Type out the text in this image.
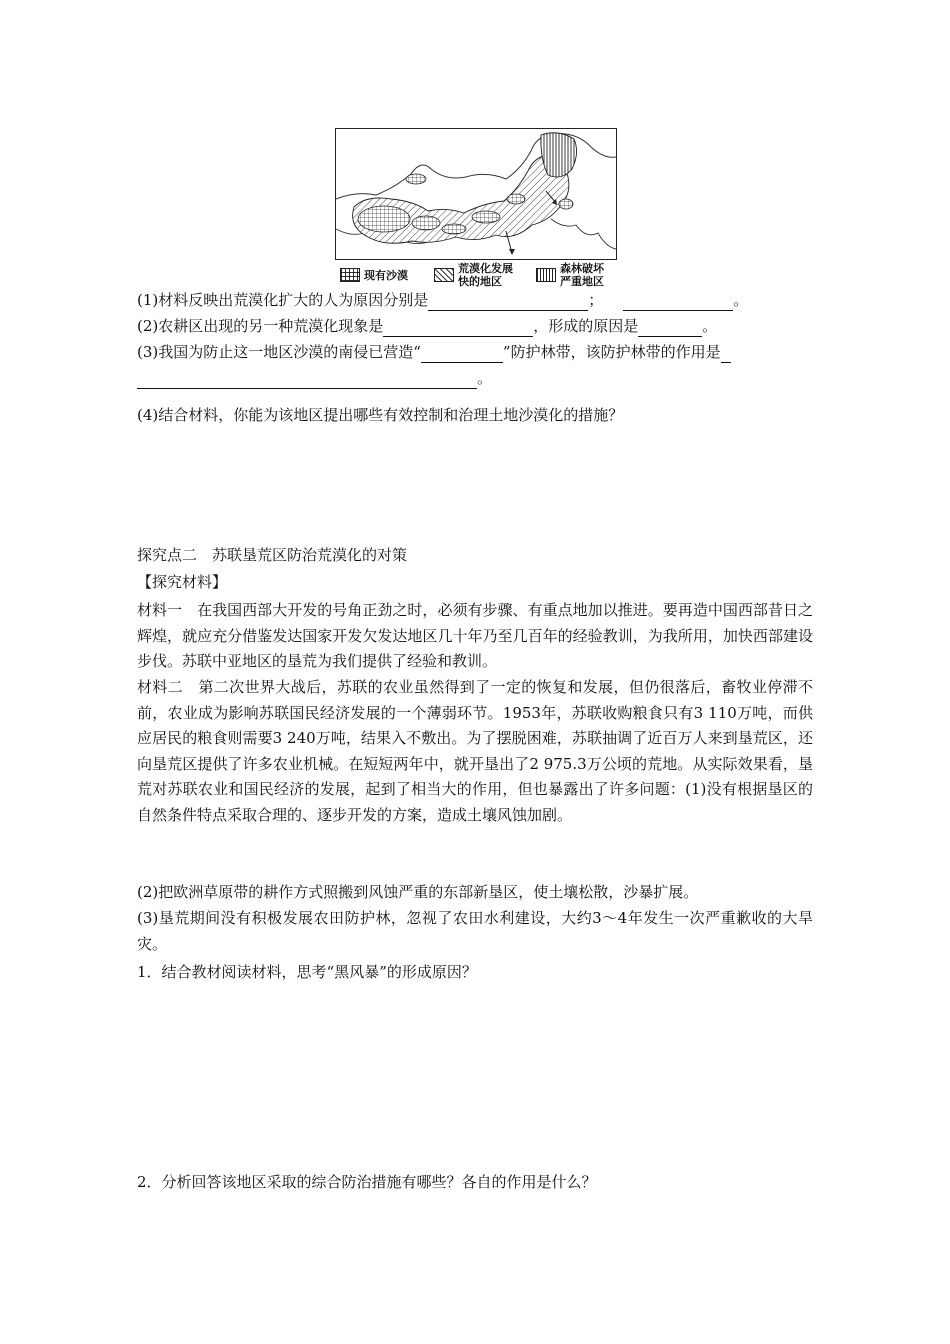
现有沙漠	荒漠化发展
快的地区
森林破坏
严重地区
(1)材料反映出荒漠化扩大的人为原因分别是	；	。
(2)农耕区出现的另一种荒漠化现象是	，形成的原因是	。
(3)我国为防止这一地区沙漠的南侵已营造“	”防护林带，该防护林带的作用是
。
(4)结合材料，你能为该地区提出哪些有效控制和治理土地沙漠化的措施？
探究点二　苏联垦荒区防治荒漠化的对策
【探究材料】
材料一　在我国西部大开发的号角正劲之时，必须有步骤、有重点地加以推进。要再造中国西部昔日之辉煌，就应充分借鉴发达国家开发欠发达地区几十年乃至几百年的经验教训，为我所用，加快西部建设步伐。苏联中亚地区的垦荒为我们提供了经验和教训。
材料二　第二次世界大战后，苏联的农业虽然得到了一定的恢复和发展，但仍很落后，畜牧业停滞不前，农业成为影响苏联国民经济发展的一个薄弱环节。1953年，苏联收购粮食只有3 110万吨，而供应居民的粮食则需要3 240万吨，结果入不敷出。为了摆脱困难，苏联抽调了近百万人来到垦荒区，还向垦荒区提供了许多农业机械。在短短两年中，就开垦出了2 975.3万公顷的荒地。从实际效果看，垦荒对苏联农业和国民经济的发展，起到了相当大的作用，但也暴露出了许多问题：(1)没有根据垦区的自然条件特点采取合理的、逐步开发的方案，造成土壤风蚀加剧。
(2)把欧洲草原带的耕作方式照搬到风蚀严重的东部新垦区，使土壤松散，沙暴扩展。
(3)垦荒期间没有积极发展农田防护林，忽视了农田水利建设，大约3～4年发生一次严重歉收的大旱灾。
1．结合教材阅读材料，思考“黑风暴”的形成原因？
2．分析回答该地区采取的综合防治措施有哪些？各自的作用是什么？
